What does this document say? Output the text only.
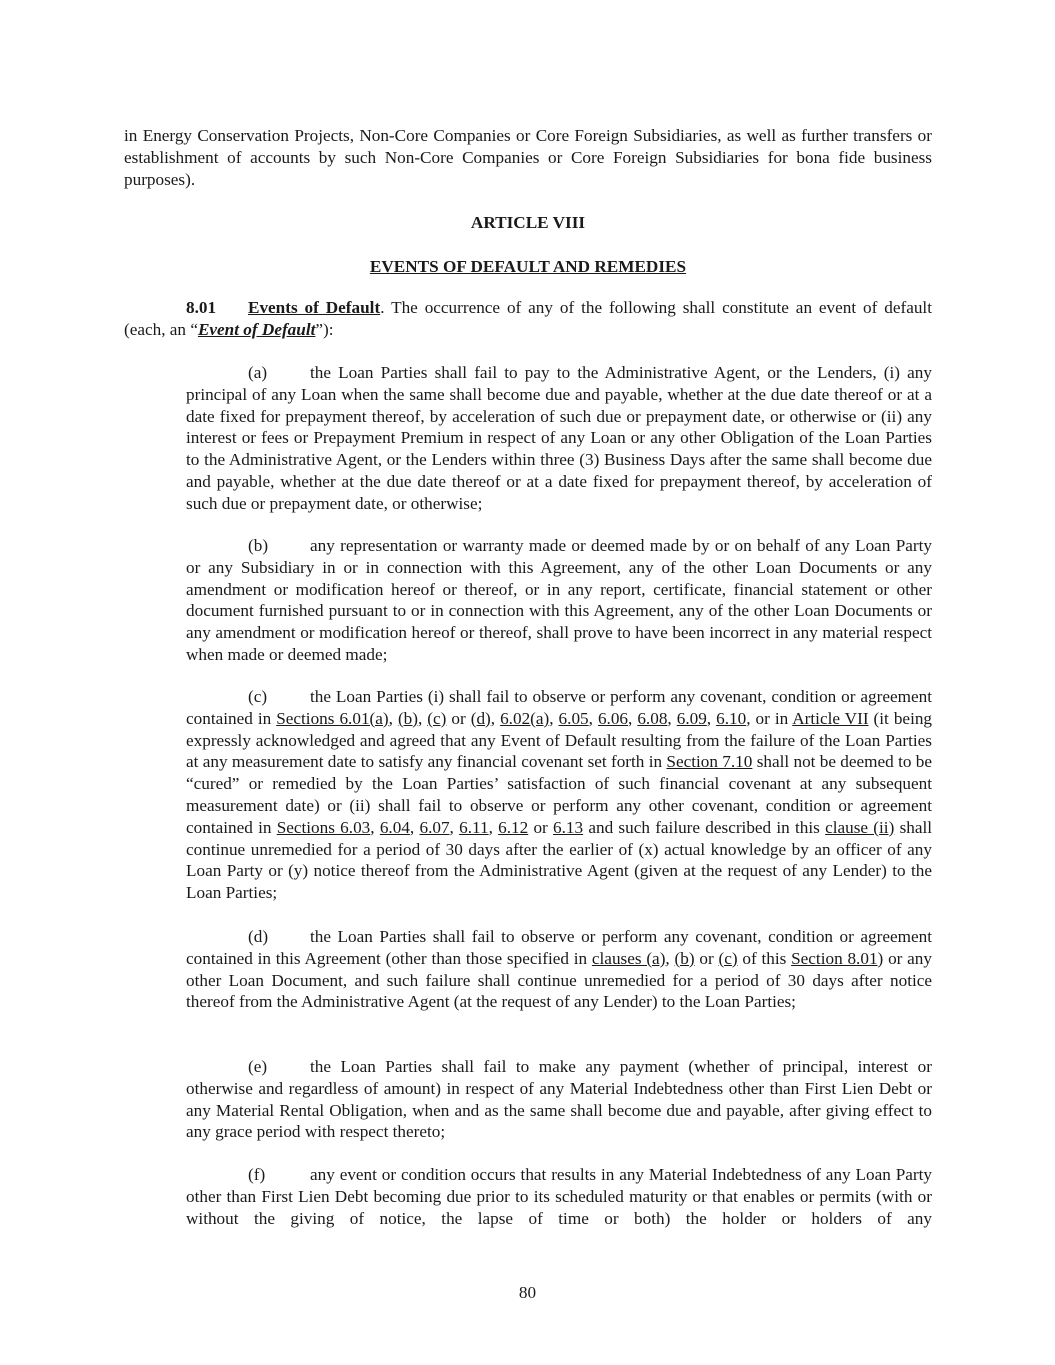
in Energy Conservation Projects, Non-Core Companies or Core Foreign Subsidiaries, as well as further transfers or establishment of accounts by such Non-Core Companies or Core Foreign Subsidiaries for bona fide business purposes).

ARTICLE VIII

EVENTS OF DEFAULT AND REMEDIES

8.01 Events of Default. The occurrence of any of the following shall constitute an event of default (each, an “Event of Default”):

(a) the Loan Parties shall fail to pay to the Administrative Agent, or the Lenders, (i) any principal of any Loan when the same shall become due and payable, whether at the due date thereof or at a date fixed for prepayment thereof, by acceleration of such due or prepayment date, or otherwise or (ii) any interest or fees or Prepayment Premium in respect of any Loan or any other Obligation of the Loan Parties to the Administrative Agent, or the Lenders within three (3) Business Days after the same shall become due and payable, whether at the due date thereof or at a date fixed for prepayment thereof, by acceleration of such due or prepayment date, or otherwise;

(b) any representation or warranty made or deemed made by or on behalf of any Loan Party or any Subsidiary in or in connection with this Agreement, any of the other Loan Documents or any amendment or modification hereof or thereof, or in any report, certificate, financial statement or other document furnished pursuant to or in connection with this Agreement, any of the other Loan Documents or any amendment or modification hereof or thereof, shall prove to have been incorrect in any material respect when made or deemed made;

(c) the Loan Parties (i) shall fail to observe or perform any covenant, condition or agreement contained in Sections 6.01(a), (b), (c) or (d), 6.02(a), 6.05, 6.06, 6.08, 6.09, 6.10, or in Article VII (it being expressly acknowledged and agreed that any Event of Default resulting from the failure of the Loan Parties at any measurement date to satisfy any financial covenant set forth in Section 7.10 shall not be deemed to be “cured” or remedied by the Loan Parties’ satisfaction of such financial covenant at any subsequent measurement date) or (ii) shall fail to observe or perform any other covenant, condition or agreement contained in Sections 6.03, 6.04, 6.07, 6.11, 6.12 or 6.13 and such failure described in this clause (ii) shall continue unremedied for a period of 30 days after the earlier of (x) actual knowledge by an officer of any Loan Party or (y) notice thereof from the Administrative Agent (given at the request of any Lender) to the Loan Parties;

(d) the Loan Parties shall fail to observe or perform any covenant, condition or agreement contained in this Agreement (other than those specified in clauses (a), (b) or (c) of this Section 8.01) or any other Loan Document, and such failure shall continue unremedied for a period of 30 days after notice thereof from the Administrative Agent (at the request of any Lender) to the Loan Parties;

(e) the Loan Parties shall fail to make any payment (whether of principal, interest or otherwise and regardless of amount) in respect of any Material Indebtedness other than First Lien Debt or any Material Rental Obligation, when and as the same shall become due and payable, after giving effect to any grace period with respect thereto;

(f)	any event or condition occurs that results in any Material Indebtedness of any Loan Party other than First Lien Debt becoming due prior to its scheduled maturity or that enables or permits (with or without the giving of notice, the lapse of time or both) the holder or holders of any

80
